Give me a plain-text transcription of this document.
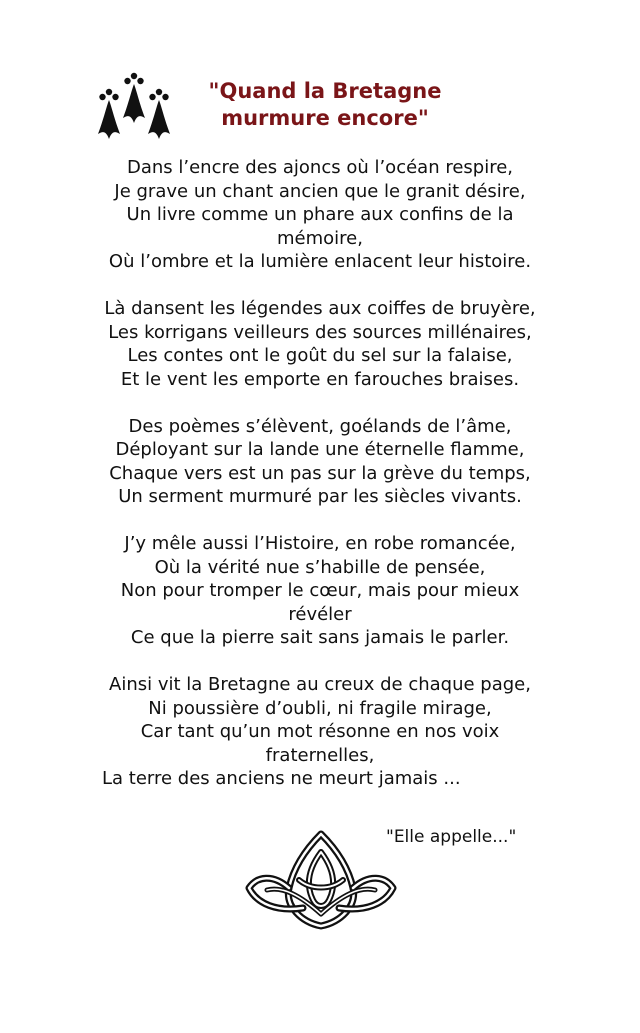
"Quand la Bretagne
murmure encore"
Dans l’encre des ajoncs où l’océan respire,
Je grave un chant ancien que le granit désire,
Un livre comme un phare aux confins de la
mémoire,
Où l’ombre et la lumière enlacent leur histoire.
Là dansent les légendes aux coiffes de bruyère,
Les korrigans veilleurs des sources millénaires,
Les contes ont le goût du sel sur la falaise,
Et le vent les emporte en farouches braises.
Des poèmes s’élèvent, goélands de l’âme,
Déployant sur la lande une éternelle flamme,
Chaque vers est un pas sur la grève du temps,
Un serment murmuré par les siècles vivants.
J’y mêle aussi l’Histoire, en robe romancée,
Où la vérité nue s’habille de pensée,
Non pour tromper le cœur, mais pour mieux
révéler
Ce que la pierre sait sans jamais le parler.
Ainsi vit la Bretagne au creux de chaque page,
Ni poussière d’oubli, ni fragile mirage,
Car tant qu’un mot résonne en nos voix
fraternelles,
La terre des anciens ne meurt jamais ...
"Elle appelle..."
